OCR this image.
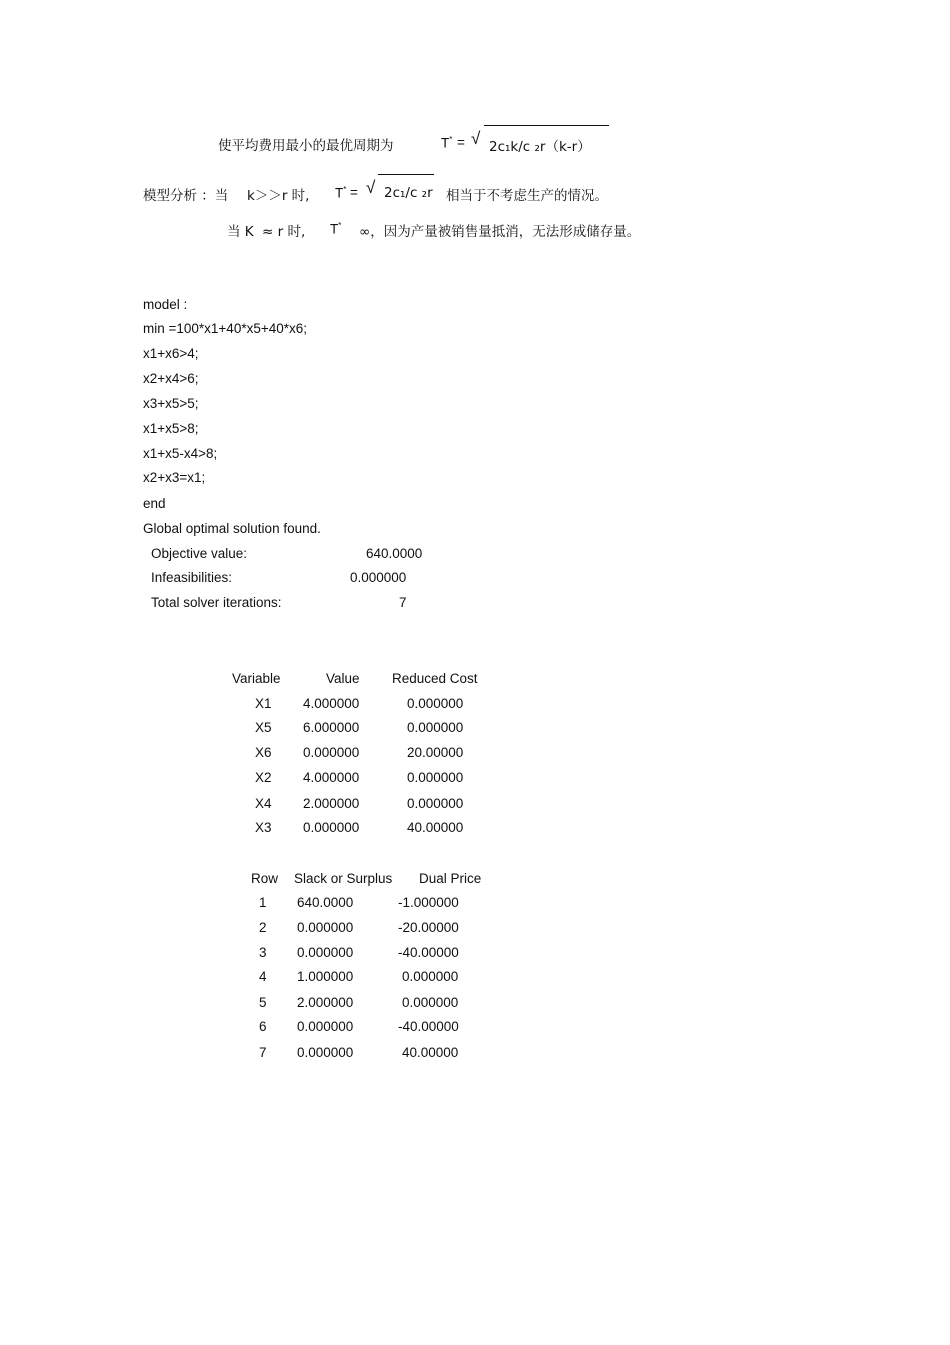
使平均费用最小的最优周期为	T* = √ 2c₁k/c ₂r（k-r）
模型分析 ：当 k＞＞r 时, T* = √ 2c₁/c ₂r 相当于不考虑生产的情况。
当 K ≈ r 时, T* ∞，因为产量被销售量抵消，无法形成储存量。
model :
min =100*x1+40*x5+40*x6;
x1+x6>4;
x2+x4>6;
x3+x5>5;
x1+x5>8;
x1+x5-x4>8;
x2+x3=x1;
end
Global optimal solution found.
Objective value:	640.0000
Infeasibilities:	0.000000
Total solver iterations:	7
Variable	Value Reduced Cost
X1 4.000000	0.000000
X5 6.000000	0.000000
X6 0.000000	20.00000
X2 4.000000	0.000000
X4 2.000000	0.000000
X3 0.000000	40.00000
Row Slack or Surplus Dual Price
1 640.0000	-1.000000
2 0.000000	-20.00000
3 0.000000	-40.00000
4 1.000000	0.000000
5 2.000000	0.000000
6 0.000000	-40.00000
7 0.000000	40.00000
